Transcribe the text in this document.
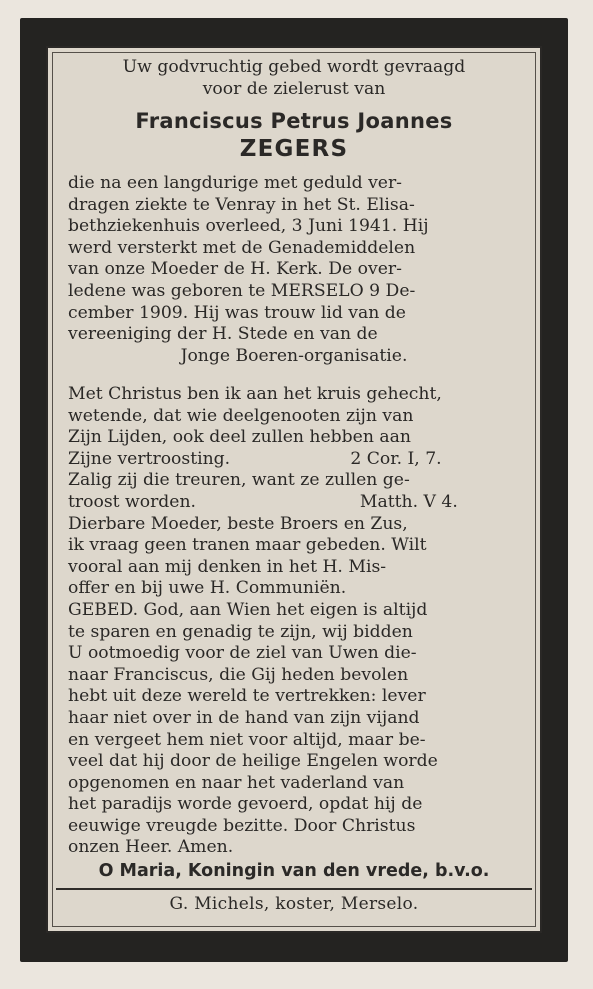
Uw godvruchtig gebed wordt gevraagd
voor de zielerust van
Franciscus Petrus Joannes
ZEGERS
die na een langdurige met geduld ver-
dragen ziekte te Venray in het St. Elisa-
bethziekenhuis overleed, 3 Juni 1941. Hij
werd versterkt met de Genademiddelen
van onze Moeder de H. Kerk. De over-
ledene was geboren te MERSELO 9 De-
cember 1909. Hij was trouw lid van de
vereeniging der H. Stede en van de
Jonge Boeren-organisatie.
Met Christus ben ik aan het kruis gehecht,
wetende, dat wie deelgenooten zijn van
Zijn Lijden, ook deel zullen hebben aan
Zijne vertroosting.                      2 Cor. I, 7.
Zalig zij die treuren, want ze zullen ge-
troost worden.                              Matth. V 4.
Dierbare Moeder, beste Broers en Zus,
ik vraag geen tranen maar gebeden. Wilt
vooral aan mij denken in het H. Mis-
offer en bij uwe H. Communiën.
GEBED. God, aan Wien het eigen is altijd
te sparen en genadig te zijn, wij bidden
U ootmoedig voor de ziel van Uwen die-
naar Franciscus, die Gij heden bevolen
hebt uit deze wereld te vertrekken: lever
haar niet over in de hand van zijn vijand
en vergeet hem niet voor altijd, maar be-
veel dat hij door de heilige Engelen worde
opgenomen en naar het vaderland van
het paradijs worde gevoerd, opdat hij de
eeuwige vreugde bezitte. Door Christus
onzen Heer. Amen.
O Maria, Koningin van den vrede, b.v.o.
G. Michels, koster, Merselo.
